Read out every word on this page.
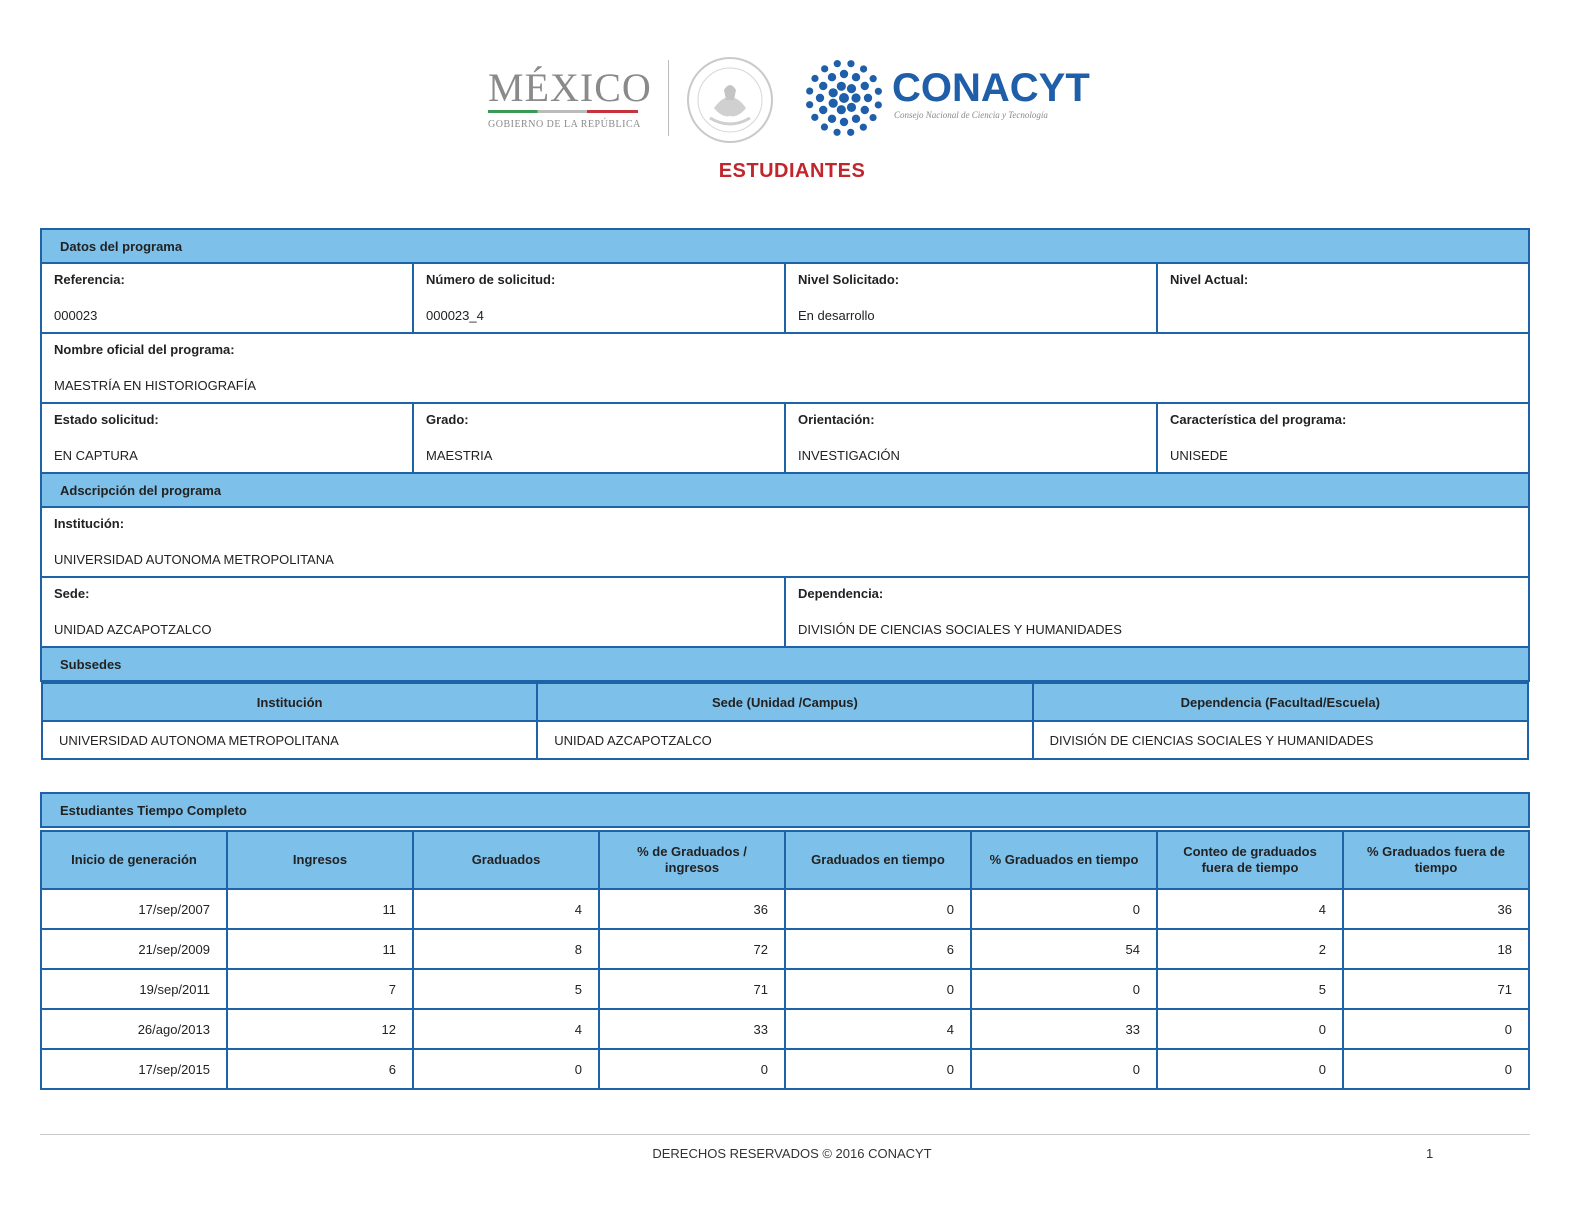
MÉXICO
GOBIERNO DE LA REPÚBLICA
CONACYT
Consejo Nacional de Ciencia y Tecnología
ESTUDIANTES
Datos del programa

Referencia:
000023

Número de solicitud:
000023_4

Nivel Solicitado:
En desarrollo

Nivel Actual:

Nombre oficial del programa:
MAESTRÍA EN HISTORIOGRAFÍA

Estado solicitud:
EN CAPTURA

Grado:
MAESTRIA

Orientación:
INVESTIGACIÓN

Característica del programa:
UNISEDE

Adscripción del programa

Institución:
UNIVERSIDAD AUTONOMA METROPOLITANA

Sede:
UNIDAD AZCAPOTZALCO

Dependencia:
DIVISIÓN DE CIENCIAS SOCIALES Y HUMANIDADES

Subsedes

Institución	Sede (Unidad /Campus)	Dependencia (Facultad/Escuela)
UNIVERSIDAD AUTONOMA METROPOLITANA	UNIDAD AZCAPOTZALCO	DIVISIÓN DE CIENCIAS SOCIALES Y HUMANIDADES
Estudiantes Tiempo Completo							

Inicio de generación	Ingresos	Graduados	% de Graduados / ingresos	Graduados en tiempo	% Graduados en tiempo	Conteo de graduados fuera de tiempo	% Graduados fuera de tiempo
17/sep/2007	11	4	36	0	0	4	36
21/sep/2009	11	8	72	6	54	2	18
19/sep/2011	7	5	71	0	0	5	71
26/ago/2013	12	4	33	4	33	0	0
17/sep/2015	6	0	0	0	0	0	0
DERECHOS RESERVADOS © 2016 CONACYT	1
